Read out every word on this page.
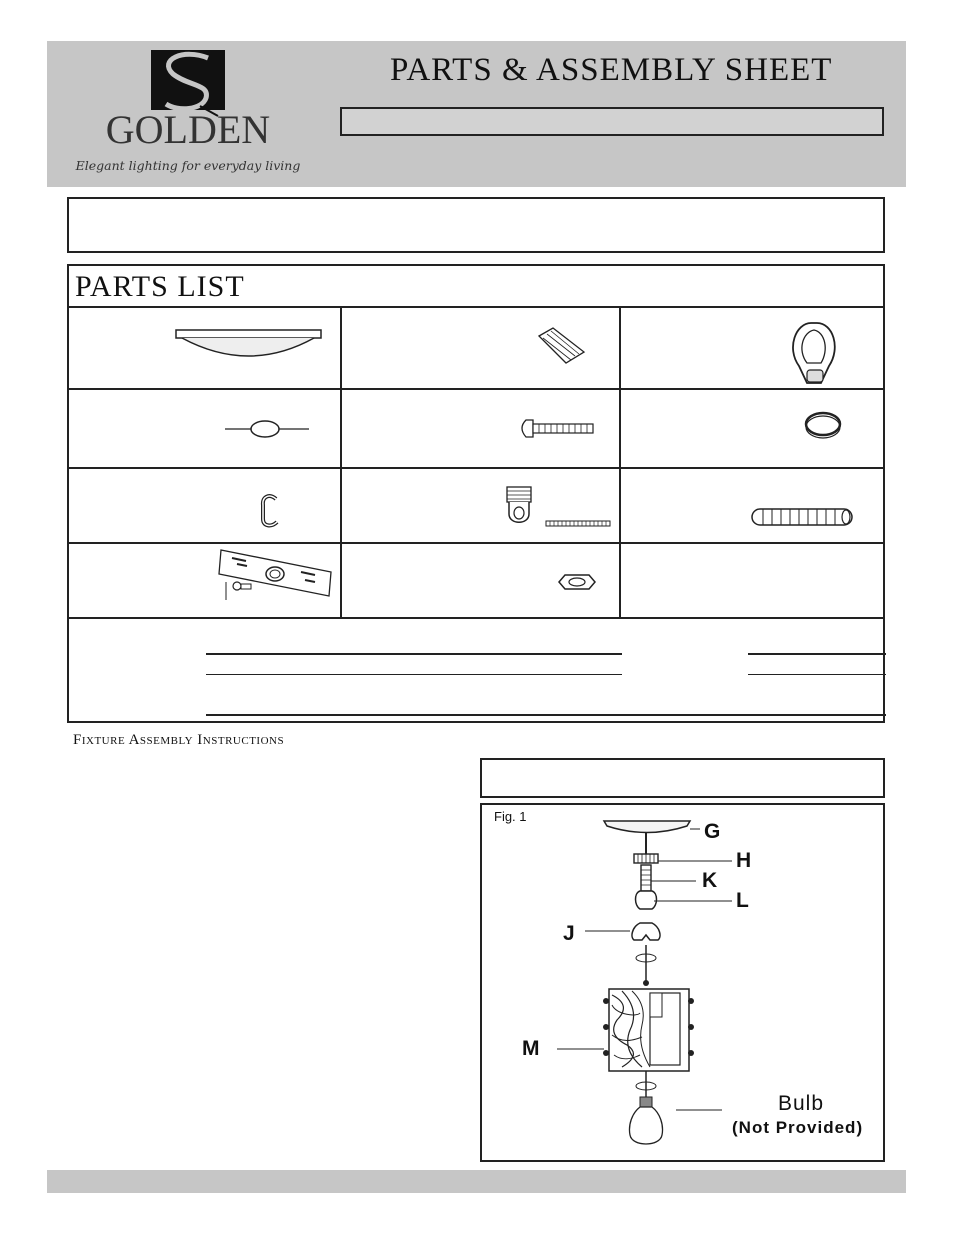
GOLDEN
Elegant lighting for everyday living
PARTS & ASSEMBLY SHEET
PARTS LIST
Fixture Assembly Instructions
Fig. 1
G
H
K
L
J
M
Bulb
(Not Provided)
